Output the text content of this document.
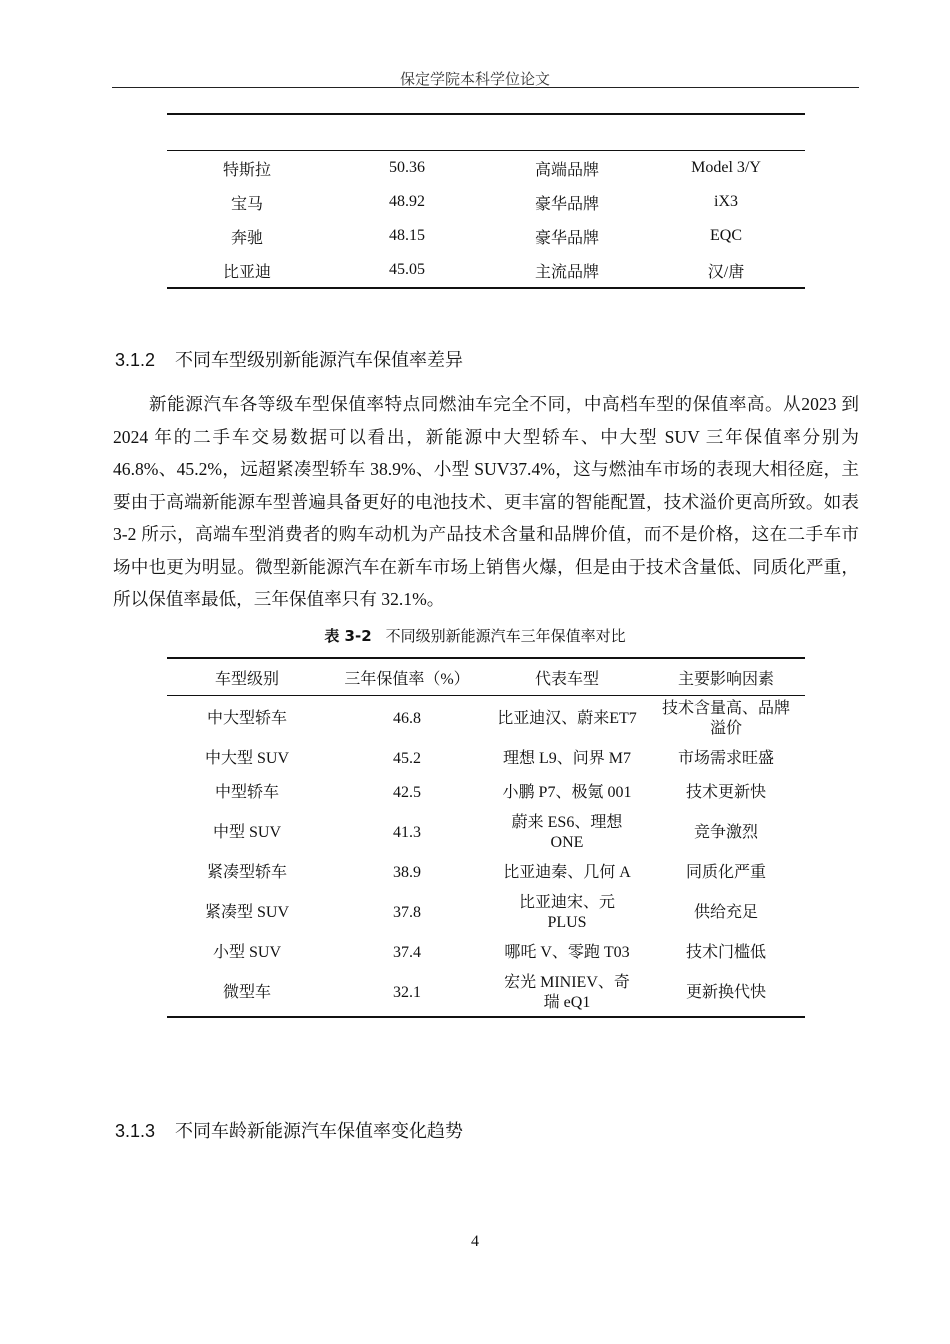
保定学院本科学位论文

特斯拉	50.36	高端品牌	Model 3/Y
宝马	48.92	豪华品牌	iX3
奔驰	48.15	豪华品牌	EQC
比亚迪	45.05	主流品牌	汉/唐
3.1.2 不同车型级别新能源汽车保值率差异

新能源汽车各等级车型保值率特点同燃油车完全不同，中高档车型的保值率高。从2023 到 2024 年的二手车交易数据可以看出，新能源中大型轿车、中大型 SUV 三年保值率分别为 46.8%、45.2%，远超紧凑型轿车 38.9%、小型 SUV37.4%，这与燃油车市场的表现大相径庭，主要由于高端新能源车型普遍具备更好的电池技术、更丰富的智能配置，技术溢价更高所致。如表 3-2 所示，高端车型消费者的购车动机为产品技术含量和品牌价值，而不是价格，这在二手车市场中也更为明显。微型新能源汽车在新车市场上销售火爆，但是由于技术含量低、同质化严重，所以保值率最低，三年保值率只有 32.1%。

表 3-2 不同级别新能源汽车三年保值率对比
车型级别	三年保值率（%）	代表车型	主要影响因素
中大型轿车	46.8	比亚迪汉、蔚来ET7	技术含量高、品牌溢价
中大型 SUV	45.2	理想 L9、问界 M7	市场需求旺盛
中型轿车	42.5	小鹏 P7、极氪 001	技术更新快
中型 SUV	41.3	蔚来 ES6、理想ONE	竞争激烈
紧凑型轿车	38.9	比亚迪秦、几何 A	同质化严重
紧凑型 SUV	37.8	比亚迪宋、元PLUS	供给充足
小型 SUV	37.4	哪吒 V、零跑 T03	技术门槛低
微型车	32.1	宏光 MINIEV、奇瑞 eQ1	更新换代快
3.1.3 不同车龄新能源汽车保值率变化趋势
4
